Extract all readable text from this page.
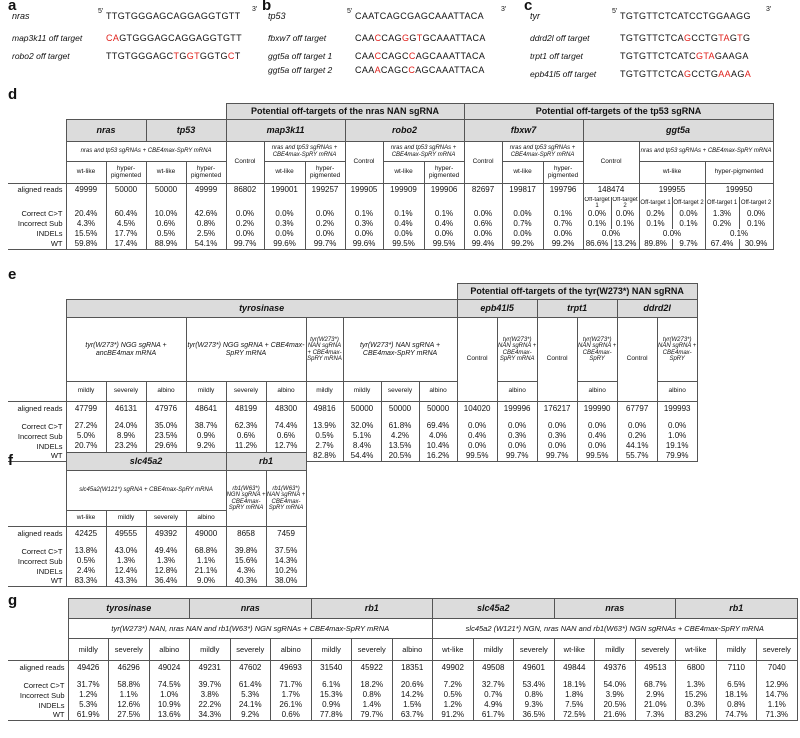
a
nras	TTGTGGGAGCAGGAGGTGTT
5′	3′
map3k11 off target	CAGTGGGAGCAGGAGGTGTT
robo2 off target	TTGTGGGAGCTGGTGGTGCT
b
tp53	CAATCAGCGAGCAAATTACA
5′	3′
fbxw7 off target	CAACCAGGGTGCAAATTACA
ggt5a off target 1	CAACCAGCCAGCAAATTACA
ggt5a off target 2	CAAACAGCCAGCAAATTACA
c
tyr	TGTGTTCTCATCCTGGAAGG
5′	3′
ddrd2l off target	TGTGTTCTCAGCCTGTAGTG
trpt1 off target	TGTGTTCTCATCGTAGAAGA
epb41l5 off target	TGTGTTCTCAGCCTGAAAGA
d
					Potential off-targets of the nras NAN sgRNA						Potential off-targets of the tp53 sgRNA								
	nras		tp53		map3k11			robo2			fbxw7			ggt5a					
	nras and tp53 sgRNAs + CBE4max-SpRY mRNA				Control	nras and tp53 sgRNAs + CBE4max-SpRY mRNA		Control	nras and tp53 sgRNAs + CBE4max-SpRY mRNA		Control	nras and tp53 sgRNAs + CBE4max-SpRY mRNA		Control		nras and tp53 sgRNAs + CBE4max-SpRY mRNA			
	wt-like	hyper-pigmented	wt-like	hyper-pigmented		wt-like	hyper-pigmented		wt-like	hyper-pigmented		wt-like	hyper-pigmented			wt-like		hyper-pigmented	
aligned reads	49999	50000	50000	49999	86802	199001	199257	199905	199909	199906	82697	199817	199796	148474		199955		199950	
														Off-target 1	Off-target 2	Off-target 1	Off-target 2	Off-target 1	Off-target 2
Correct C>T	20.4%	60.4%	10.0%	42.6%	0.0%	0.0%	0.0%	0.1%	0.1%	0.1%	0.0%	0.0%	0.1%	0.0%	0.0%	0.2%	0.0%	1.3%	0.0%
Incorrect Sub	4.3%	4.5%	0.6%	0.8%	0.2%	0.3%	0.2%	0.3%	0.4%	0.4%	0.6%	0.7%	0.7%	0.1%	0.1%	0.1%	0.1%	0.2%	0.1%
INDELs	15.5%	17.7%	0.5%	2.5%	0.0%	0.0%	0.0%	0.0%	0.0%	0.0%	0.0%	0.0%	0.0%	0.0%		0.0%		0.1%	
WT	59.8%	17.4%	88.9%	54.1%	99.7%	99.6%	99.7%	99.6%	99.5%	99.5%	99.4%	99.2%	99.2%	86.6%	13.2%	89.8%	9.7%	67.4%	30.9%
e
											Potential off-targets of the tyr(W273*) NAN sgRNA					
	tyrosinase										epb41l5		trpt1		ddrd2l	
	tyr(W273*) NGG sgRNA + ancBE4max mRNA			tyr(W273*) NGG sgRNA + CBE4max-SpRY mRNA			tyr(W273*) NAN sgRNA + CBE4max-SpRY mRNA	tyr(W273*) NAN sgRNA + CBE4max-SpRY mRNA			Control	tyr(W273*) NAN sgRNA + CBE4max-SpRY mRNA	Control	tyr(W273*) NAN sgRNA + CBE4max-SpRY	Control	tyr(W273*) NAN sgRNA + CBE4max-SpRY
	mildly	severely	albino	mildly	severely	albino	mildly	mildly	severely	albino		albino		albino		albino
aligned reads	47799	46131	47976	48641	48199	48300	49816	50000	50000	50000	104020	199996	176217	199990	67797	199993

Correct C>T	27.2%	24.0%	35.0%	38.7%	62.3%	74.4%	13.9%	32.0%	61.8%	69.4%	0.0%	0.0%	0.0%	0.0%	0.0%	0.0%
Incorrect Sub	5.0%	8.9%	23.5%	0.9%	0.6%	0.6%	0.5%	5.1%	4.2%	4.0%	0.4%	0.3%	0.3%	0.4%	0.2%	1.0%
INDELs	20.7%	23.2%	29.6%	9.2%	11.2%	12.7%	2.7%	8.4%	13.5%	10.4%	0.0%	0.0%	0.0%	0.0%	44.1%	19.1%
WT							82.8%	54.4%	20.5%	16.2%	99.5%	99.7%	99.7%	99.5%	55.7%	79.9%
f
		slc45a2				rb1	
	slc45a2(W121*) sgRNA + CBE4max-SpRY mRNA				rb1(W63*) NGN sgRNA + CBE4max-SpRY mRNA	rb1(W63*) NAN sgRNA + CBE4max-SpRY mRNA
	wt-like	mildly	severely	albino		
aligned reads	42425	49555	49392	49000	8658	7459

Correct C>T	13.8%	43.0%	49.4%	68.8%	39.8%	37.5%
Incorrect Sub	0.5%	1.3%	1.3%	1.1%	15.6%	14.3%
INDELs	2.4%	12.4%	12.8%	21.1%	4.3%	10.2%
WT	83.3%	43.3%	36.4%	9.0%	40.3%	38.0%
g
		tyrosinase			nras			rb1			slc45a2			nras			rb1		
	tyr(W273*) NAN, nras NAN and rb1(W63*) NGN sgRNAs + CBE4max-SpRY mRNA									slc45a2 (W121*) NGN, nras NAN and rb1(W63*) NGN sgRNAs + CBE4max-SpRY mRNA								
	mildly	severely	albino	mildly	severely	albino	mildly	severely	albino	wt-like	mildly	severely	wt-like	mildly	severely	wt-like	mildly	severely
aligned reads	49426	46296	49024	49231	47602	49693	31540	45922	18351	49902	49508	49601	49844	49376	49513	6800	7110	7040

Correct C>T	31.7%	58.8%	74.5%	39.7%	61.4%	71.7%	6.1%	18.2%	20.6%	7.2%	32.7%	53.4%	18.1%	54.0%	68.7%	1.3%	6.5%	12.9%
Incorrect Sub	1.2%	1.1%	1.0%	3.8%	5.3%	1.7%	15.3%	0.8%	14.2%	0.5%	0.7%	0.8%	1.8%	3.9%	2.9%	15.2%	18.1%	14.7%
INDELs	5.3%	12.6%	10.9%	22.2%	24.1%	26.1%	0.9%	1.4%	1.5%	1.2%	4.9%	9.3%	7.5%	20.5%	21.0%	0.3%	0.8%	1.1%
WT	61.9%	27.5%	13.6%	34.3%	9.2%	0.6%	77.8%	79.7%	63.7%	91.2%	61.7%	36.5%	72.5%	21.6%	7.3%	83.2%	74.7%	71.3%
